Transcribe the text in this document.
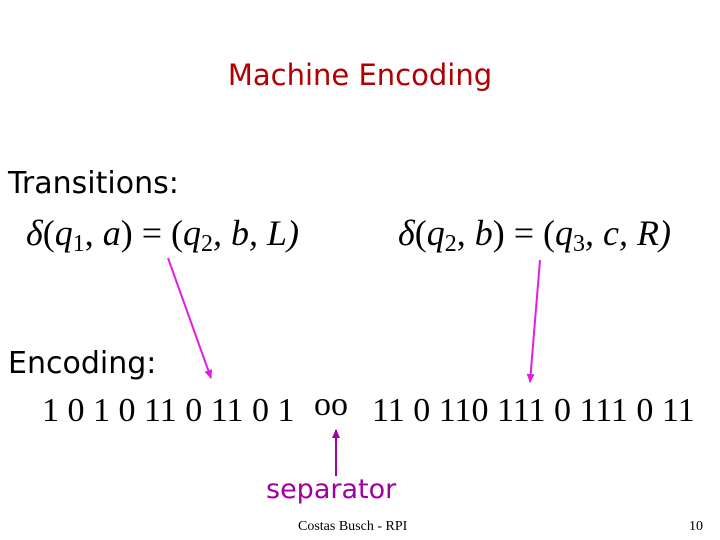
Machine Encoding
Transitions:
$\delta(q_1$, $a) = (q_2$, b, L)	$\delta(q_2$, $b) = (q_3$, c, R)
Encoding:
1 0 1 0 11 0 11 0 1 oo 11 0 110 111 0 111 0 11
separator
Costas Busch - RPI	10
